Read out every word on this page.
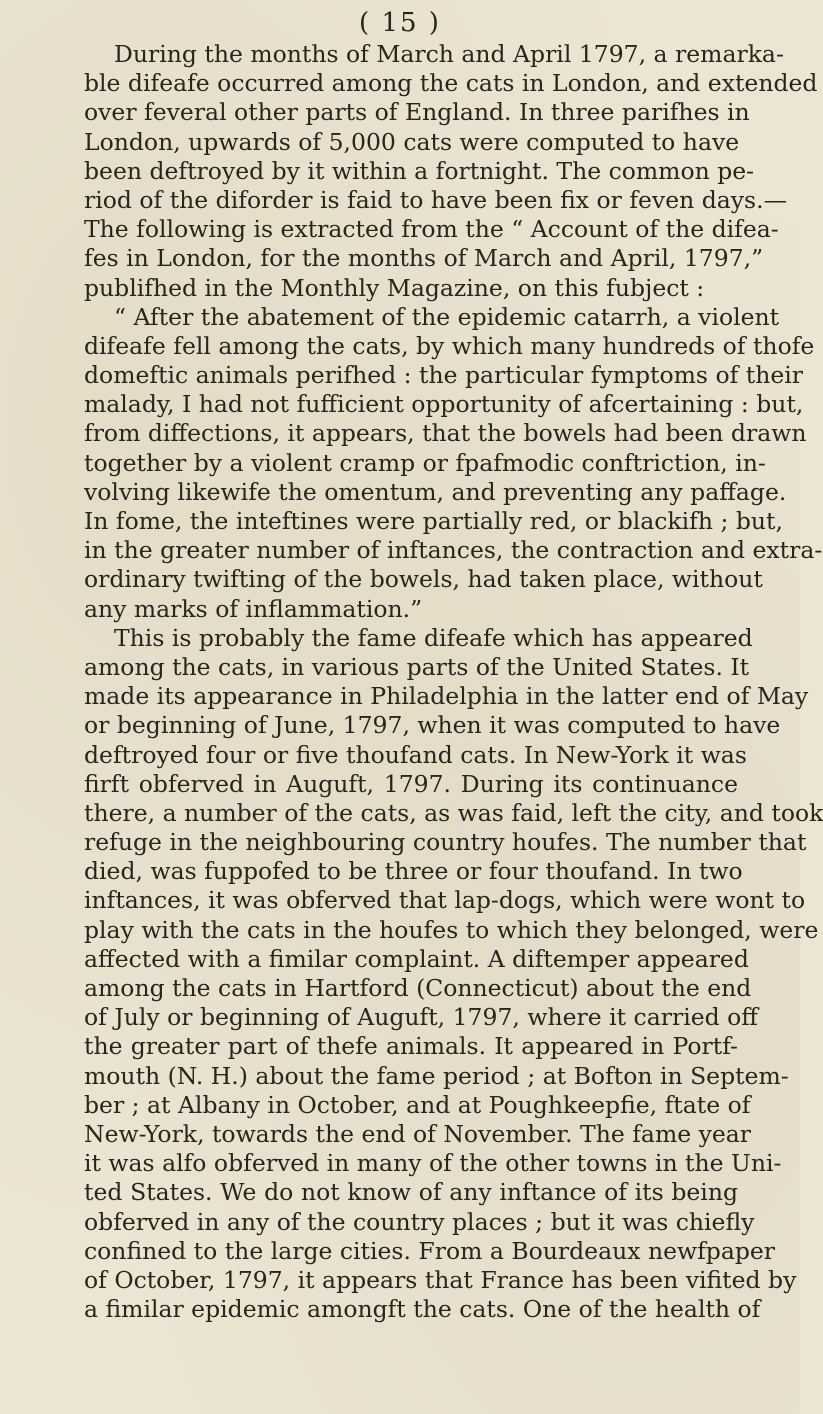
( 15 )
During the months of March and April 1797, a remarka-
ble difeafe occurred among the cats in London, and extended
over feveral other parts of England. In three parifhes in
London, upwards of 5,000 cats were computed to have
been deftroyed by it within a fortnight. The common pe-
riod of the diforder is faid to have been fix or feven days.—
The following is extracted from the “ Account of the difea-
fes in London, for the months of March and April, 1797,”
publifhed in the Monthly Magazine, on this fubject :
“ After the abatement of the epidemic catarrh, a violent
difeafe fell among the cats, by which many hundreds of thofe
domeftic animals perifhed : the particular fymptoms of their
malady, I had not fufficient opportunity of afcertaining : but,
from diffections, it appears, that the bowels had been drawn
together by a violent cramp or fpafmodic conftriction, in-
volving likewife the omentum, and preventing any paffage.
In fome, the inteftines were partially red, or blackifh ; but,
in the greater number of inftances, the contraction and extra-
ordinary twifting of the bowels, had taken place, without
any marks of inflammation.”
This is probably the fame difeafe which has appeared
among the cats, in various parts of the United States. It
made its appearance in Philadelphia in the latter end of May
or beginning of June, 1797, when it was computed to have
deftroyed four or five thoufand cats. In New-York it was
firft obferved in Auguft, 1797. During its continuance
there, a number of the cats, as was faid, left the city, and took
refuge in the neighbouring country houfes. The number that
died, was fuppofed to be three or four thoufand. In two
inftances, it was obferved that lap-dogs, which were wont to
play with the cats in the houfes to which they belonged, were
affected with a fimilar complaint. A diftemper appeared
among the cats in Hartford (Connecticut) about the end
of July or beginning of Auguft, 1797, where it carried off
the greater part of thefe animals. It appeared in Portf-
mouth (N. H.) about the fame period ; at Bofton in Septem-
ber ; at Albany in October, and at Poughkeepfie, ftate of
New-York, towards the end of November. The fame year
it was alfo obferved in many of the other towns in the Uni-
ted States. We do not know of any inftance of its being
obferved in any of the country places ; but it was chiefly
confined to the large cities. From a Bourdeaux newfpaper
of October, 1797, it appears that France has been vifited by
a fimilar epidemic amongft the cats. One of the health of
